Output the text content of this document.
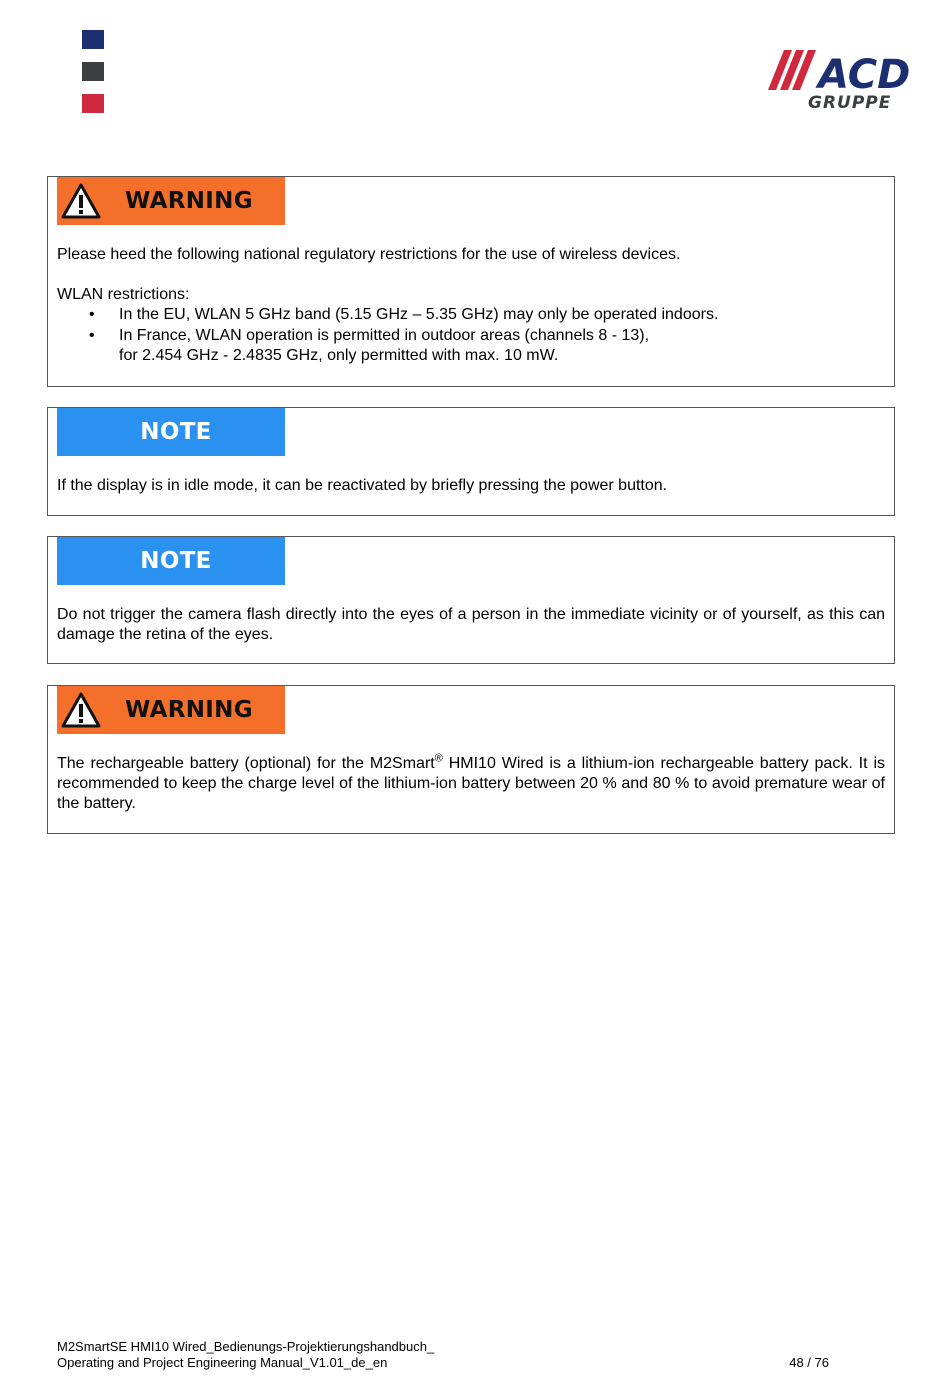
ACD
GRUPPE
WARNING
Please heed the following national regulatory restrictions for the use of wireless devices.
WLAN restrictions:
• In the EU, WLAN 5 GHz band (5.15 GHz – 5.35 GHz) may only be operated indoors.
• In France, WLAN operation is permitted in outdoor areas (channels 8 - 13),
for 2.454 GHz - 2.4835 GHz, only permitted with max. 10 mW.
NOTE
If the display is in idle mode, it can be reactivated by briefly pressing the power button.
NOTE
Do not trigger the camera flash directly into the eyes of a person in the immediate vicinity or of yourself, as this can damage the retina of the eyes.
WARNING
The rechargeable battery (optional) for the M2Smart® HMI10 Wired is a lithium-ion rechargeable battery pack. It is recommended to keep the charge level of the lithium-ion battery between 20 % and 80 % to avoid premature wear of the battery.
M2SmartSE HMI10 Wired_Bedienungs-Projektierungshandbuch_
Operating and Project Engineering Manual_V1.01_de_en	48 / 76
